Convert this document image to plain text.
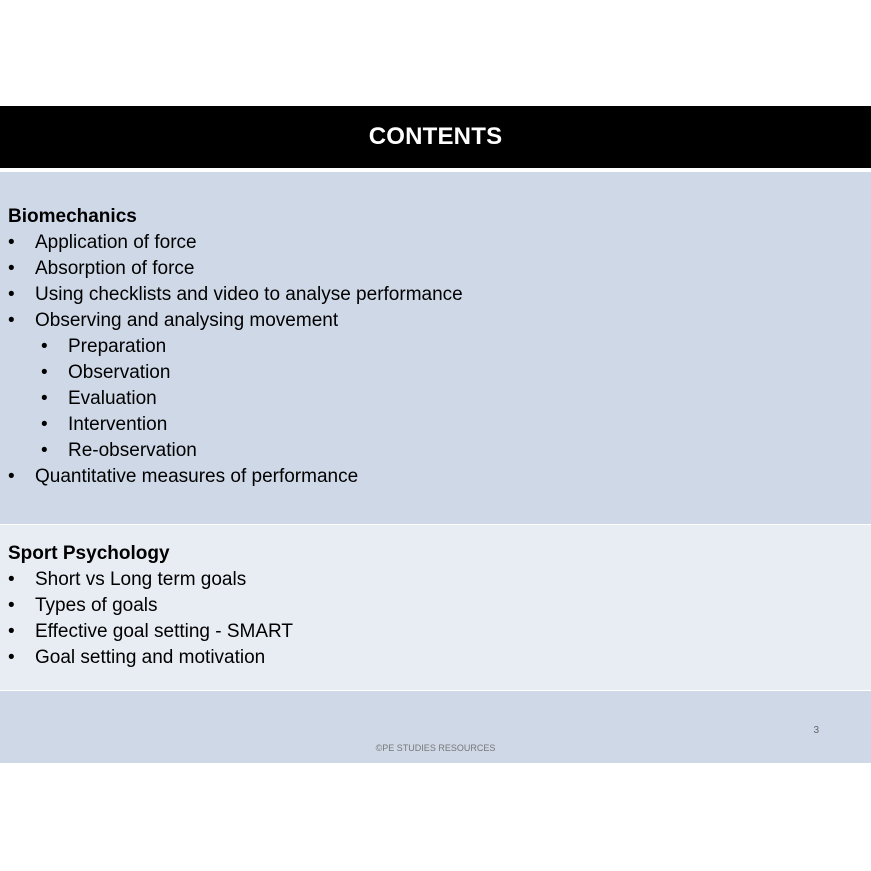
CONTENTS

Biomechanics

• Application of force
• Absorption of force
• Using checklists and video to analyse performance
• Observing and analysing movement
• Preparation
• Observation
• Evaluation
• Intervention
• Re-observation
• Quantitative measures of performance

Sport Psychology

• Short vs Long term goals
• Types of goals
• Effective goal setting - SMART
• Goal setting and motivation
3
©PE STUDIES RESOURCES
